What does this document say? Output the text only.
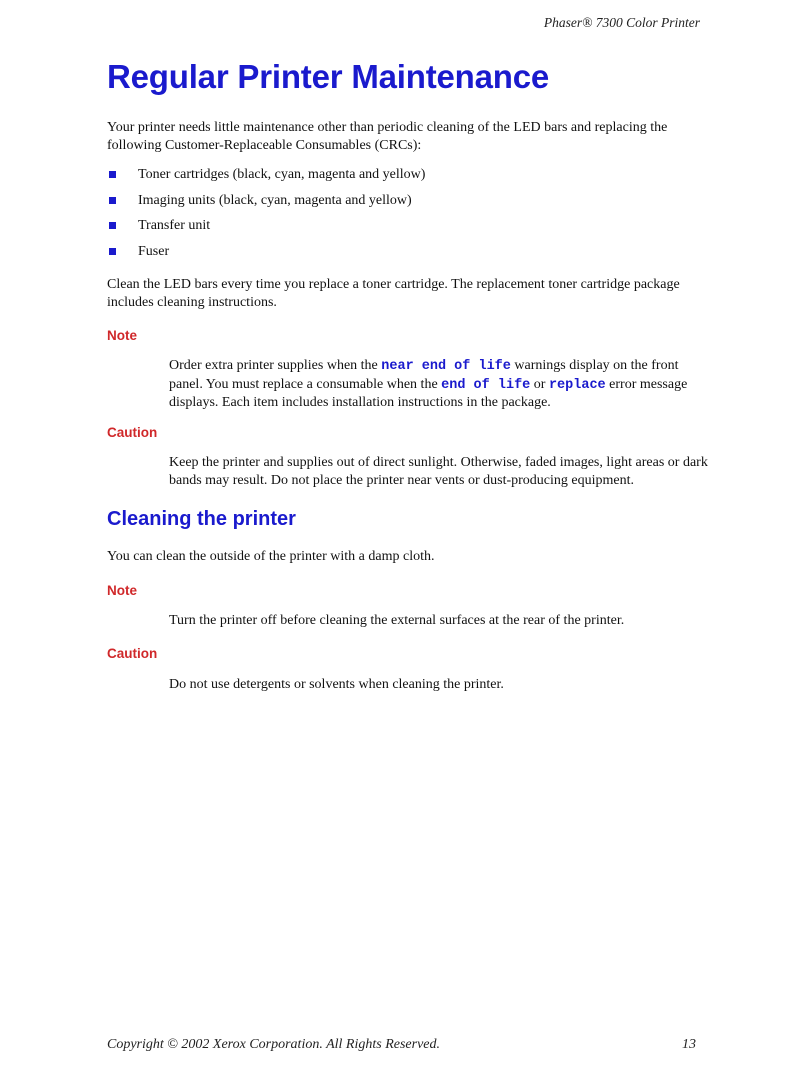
Phaser® 7300 Color Printer
Regular Printer Maintenance

Your printer needs little maintenance other than periodic cleaning of the LED bars and replacing the following Customer-Replaceable Consumables (CRCs):

Toner cartridges (black, cyan, magenta and yellow)
Imaging units (black, cyan, magenta and yellow)
Transfer unit
Fuser

Clean the LED bars every time you replace a toner cartridge. The replacement toner cartridge package includes cleaning instructions.

Note

Order extra printer supplies when the near end of life warnings display on the front panel. You must replace a consumable when the end of life or replace error message displays. Each item includes installation instructions in the package.

Caution

Keep the printer and supplies out of direct sunlight. Otherwise, faded images, light areas or dark bands may result. Do not place the printer near vents or dust-producing equipment.

Cleaning the printer

You can clean the outside of the printer with a damp cloth.

Note

Turn the printer off before cleaning the external surfaces at the rear of the printer.

Caution

Do not use detergents or solvents when cleaning the printer.

Copyright © 2002 Xerox Corporation. All Rights Reserved.	13
